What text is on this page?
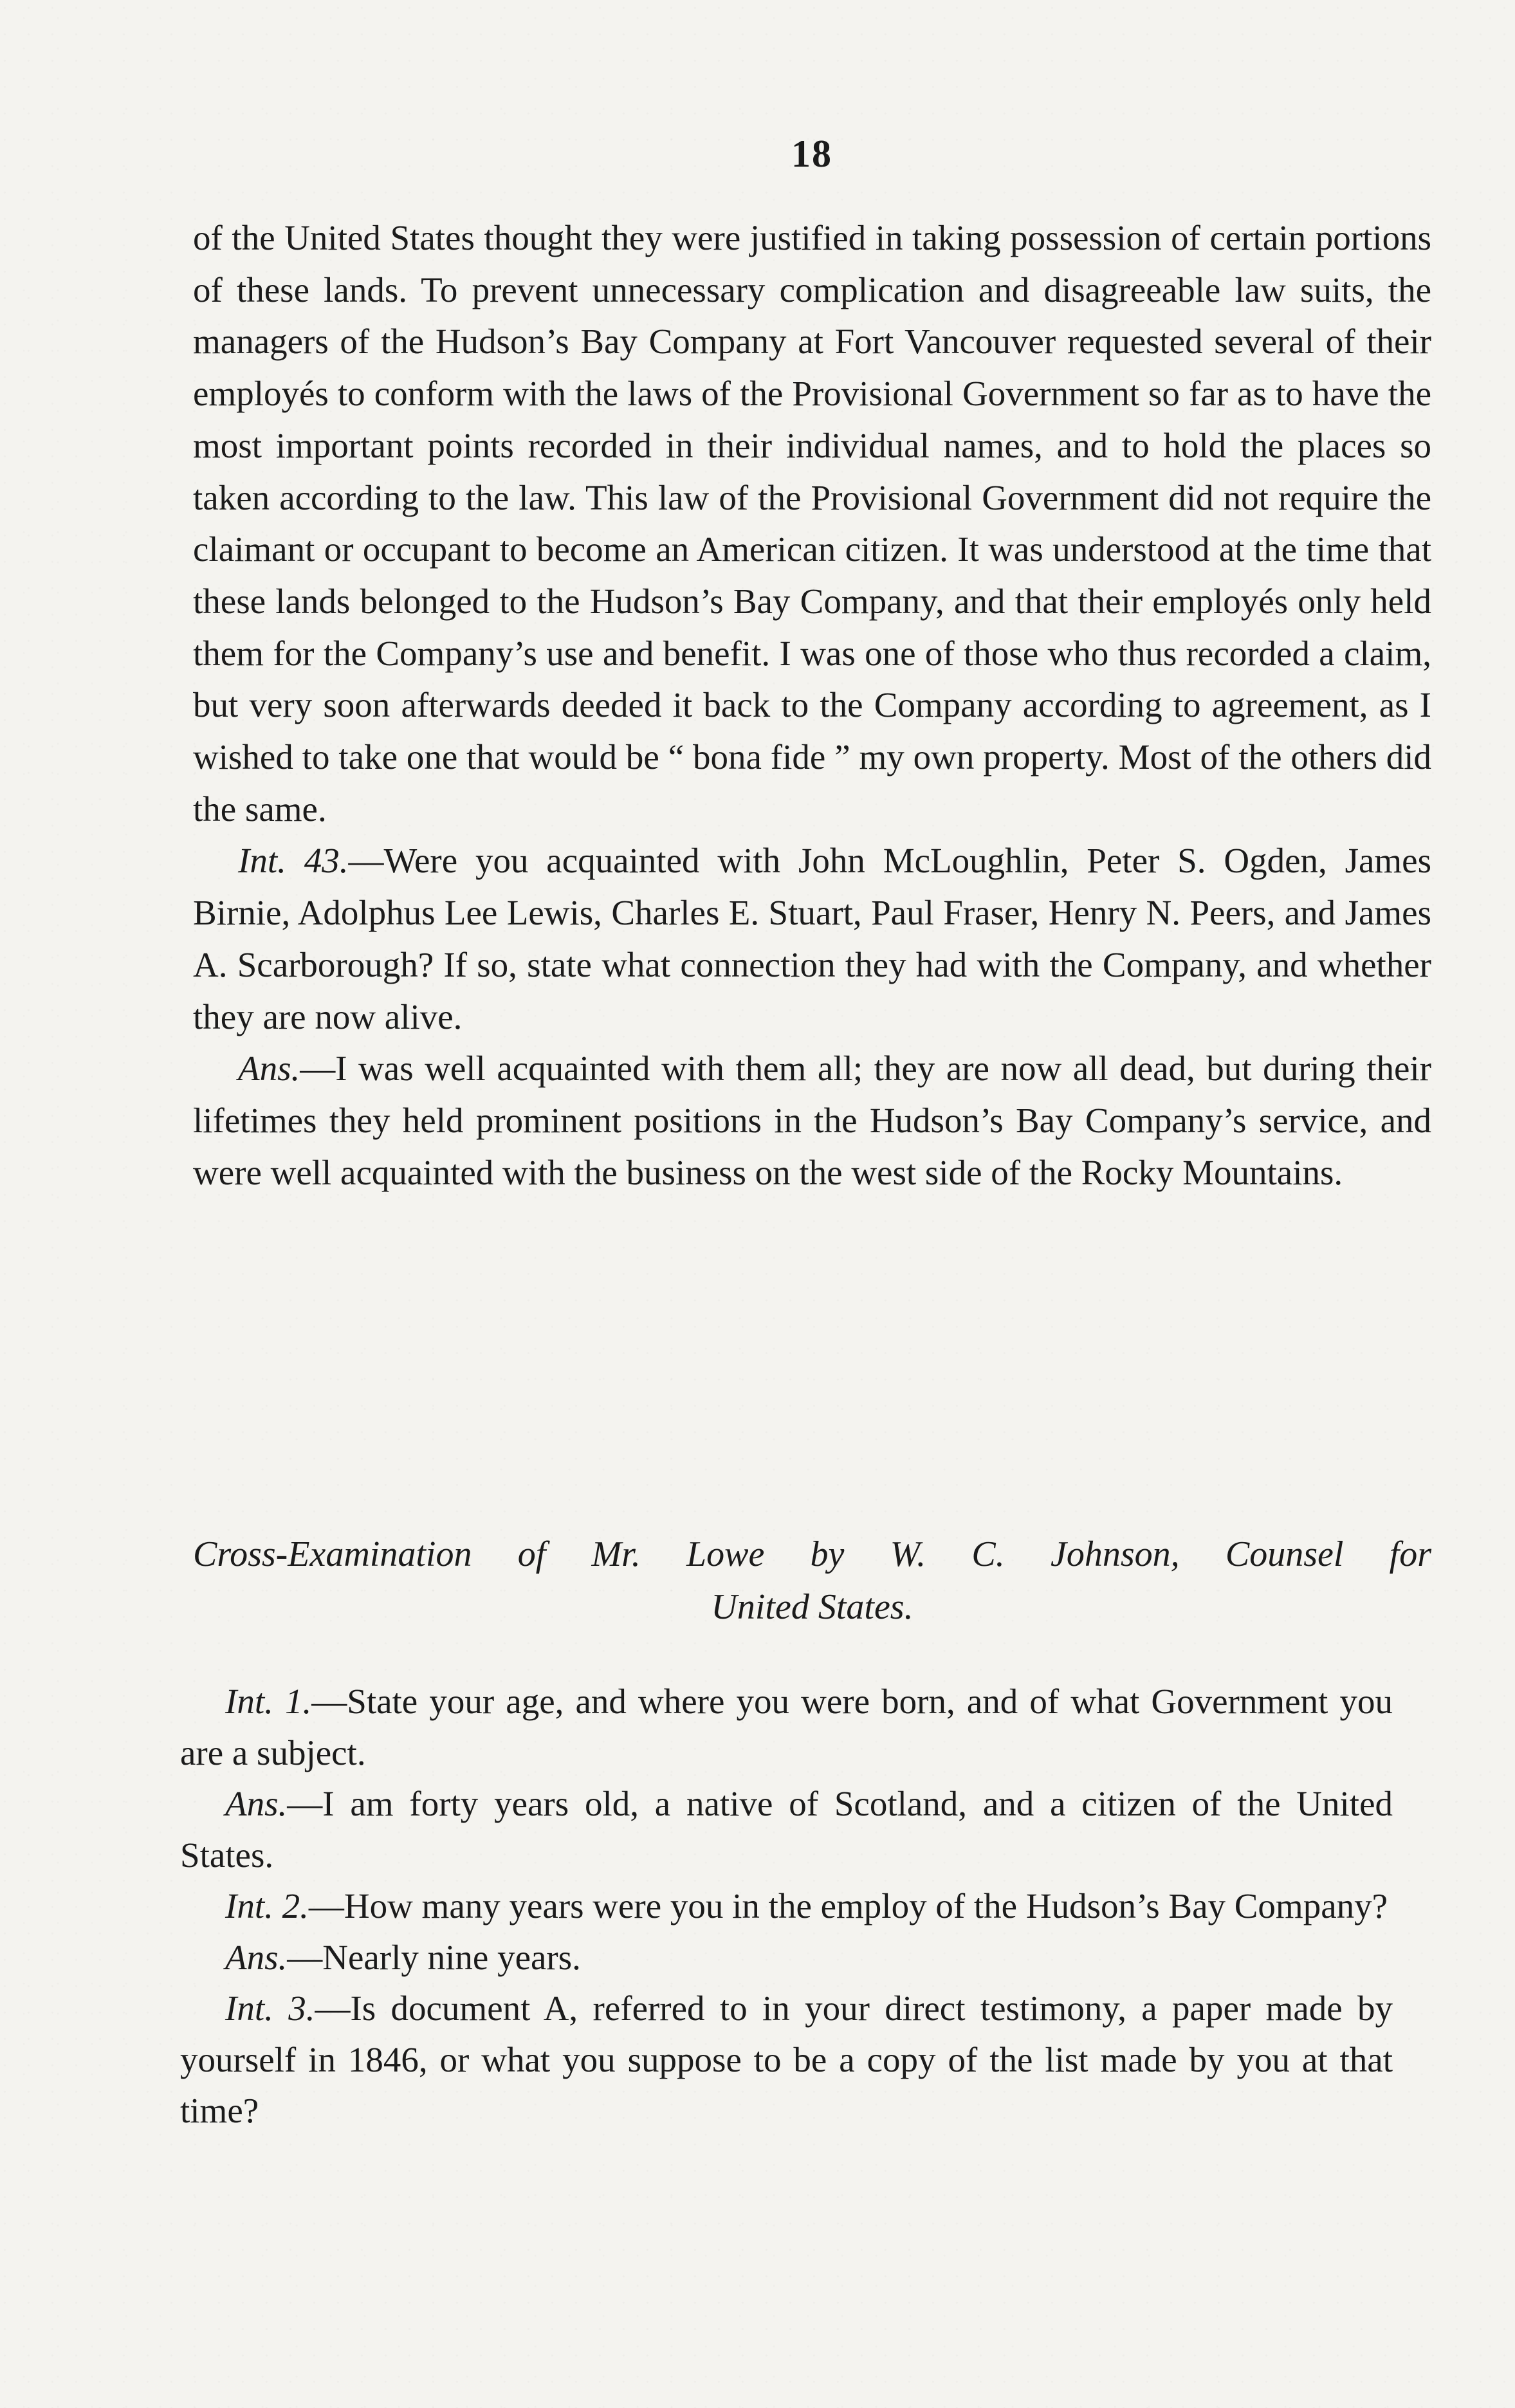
18

of the United States thought they were justified in taking possession of certain portions of these lands. To prevent unnecessary complication and disagreeable law suits, the managers of the Hudson’s Bay Company at Fort Vancouver requested several of their employés to conform with the laws of the Provisional Government so far as to have the most important points recorded in their individual names, and to hold the places so taken according to the law. This law of the Provisional Government did not require the claimant or occupant to become an American citizen. It was understood at the time that these lands belonged to the Hudson’s Bay Company, and that their employés only held them for the Company’s use and benefit. I was one of those who thus recorded a claim, but very soon afterwards deeded it back to the Company according to agreement, as I wished to take one that would be “ bona fide ” my own property. Most of the others did the same.

Int. 43.—Were you acquainted with John McLoughlin, Peter S. Ogden, James Birnie, Adolphus Lee Lewis, Charles E. Stuart, Paul Fraser, Henry N. Peers, and James A. Scarborough? If so, state what connection they had with the Company, and whether they are now alive.

Ans.—I was well acquainted with them all; they are now all dead, but during their lifetimes they held prominent positions in the Hudson’s Bay Company’s service, and were well acquainted with the business on the west side of the Rocky Mountains.

Cross-Examination of Mr. Lowe by W. C. Johnson, Counsel for
United States.

Int. 1.—State your age, and where you were born, and of what Government you are a subject.

Ans.—I am forty years old, a native of Scotland, and a citizen of the United States.

Int. 2.—How many years were you in the employ of the Hudson’s Bay Company?

Ans.—Nearly nine years.

Int. 3.—Is document A, referred to in your direct testimony, a paper made by yourself in 1846, or what you suppose to be a copy of the list made by you at that time?
